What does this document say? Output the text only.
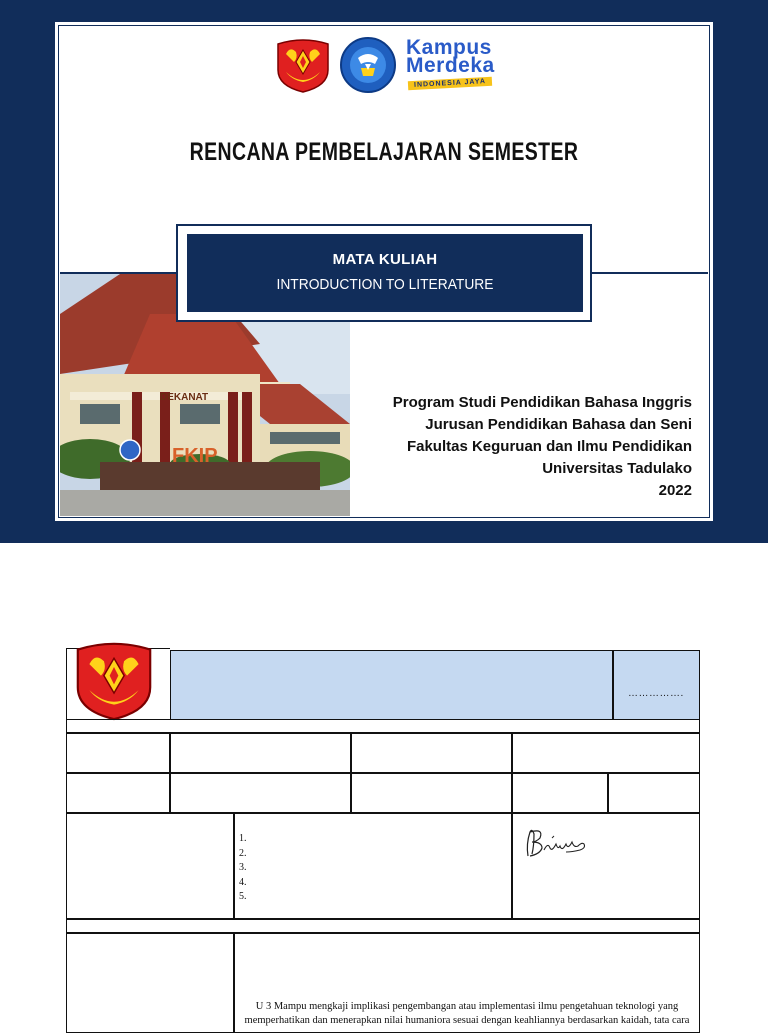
Kampus
Merdeka
INDONESIA JAYA
RENCANA PEMBELAJARAN SEMESTER
DEKANAT
FKIP
MATA KULIAH
INTRODUCTION TO LITERATURE
Program Studi Pendidikan Bahasa Inggris
Jurusan Pendidikan Bahasa dan Seni
Fakultas Keguruan dan Ilmu Pendidikan
Universitas Tadulako
2022
…………….
1.
2.
3.
4.
5.
U 3 Mampu mengkaji implikasi pengembangan atau implementasi ilmu pengetahuan teknologi yang
memperhatikan dan menerapkan nilai humaniora sesuai dengan keahliannya berdasarkan kaidah, tata cara
